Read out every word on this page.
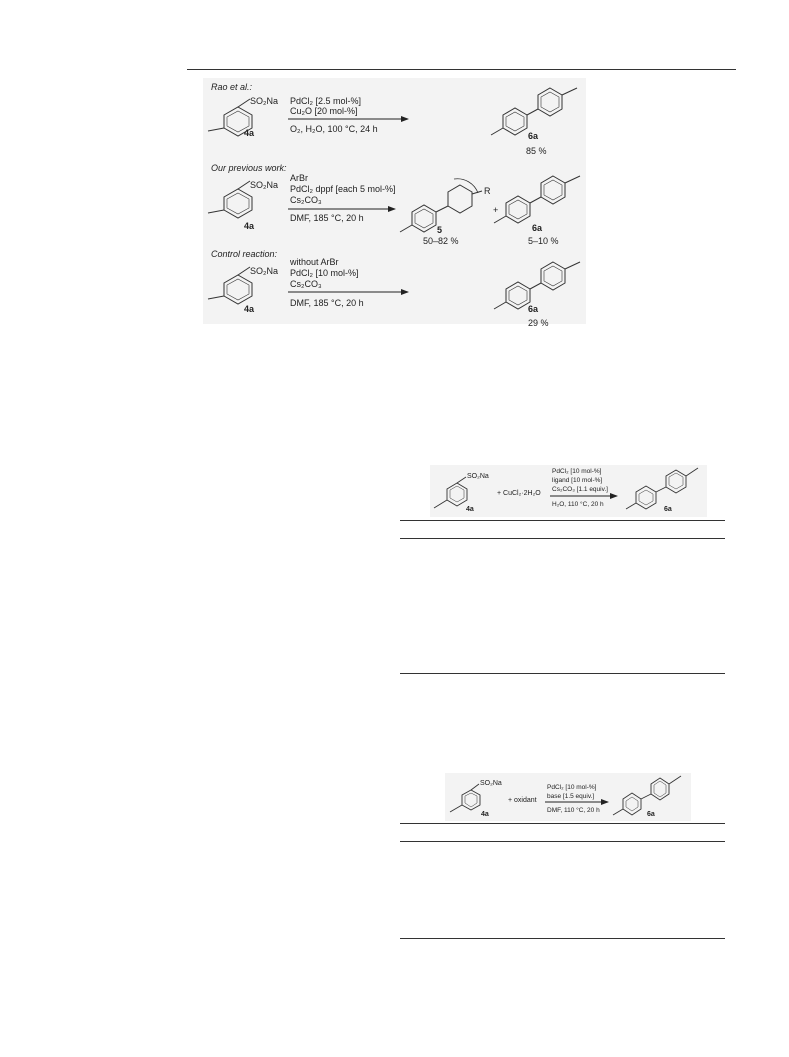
Rao et al.:
SO₂Na
4a
PdCl₂ [2.5 mol-%]
Cu₂O [20 mol-%]
O₂, H₂O, 100 °C, 24 h
6a
85 %
Our previous work:
SO₂Na
4a
ArBr
PdCl₂ dppf [each 5 mol-%]
Cs₂CO₃
DMF, 185 °C, 20 h
R
5
50–82 %
+
6a
5–10 %
Control reaction:
SO₂Na
4a
without ArBr
PdCl₂ [10 mol-%]
Cs₂CO₃
DMF, 185 °C, 20 h
6a
29 %
SO₂Na
4a
+ CuCl₂·2H₂O
PdCl₂ [10 mol-%]
ligand [10 mol-%]
Cs₂CO₃ [1.1 equiv.]
H₂O, 110 °C, 20 h
6a
SO₂Na
4a
+ oxidant
PdCl₂ [10 mol-%]
base [1.5 equiv.]
DMF, 110 °C, 20 h
6a
